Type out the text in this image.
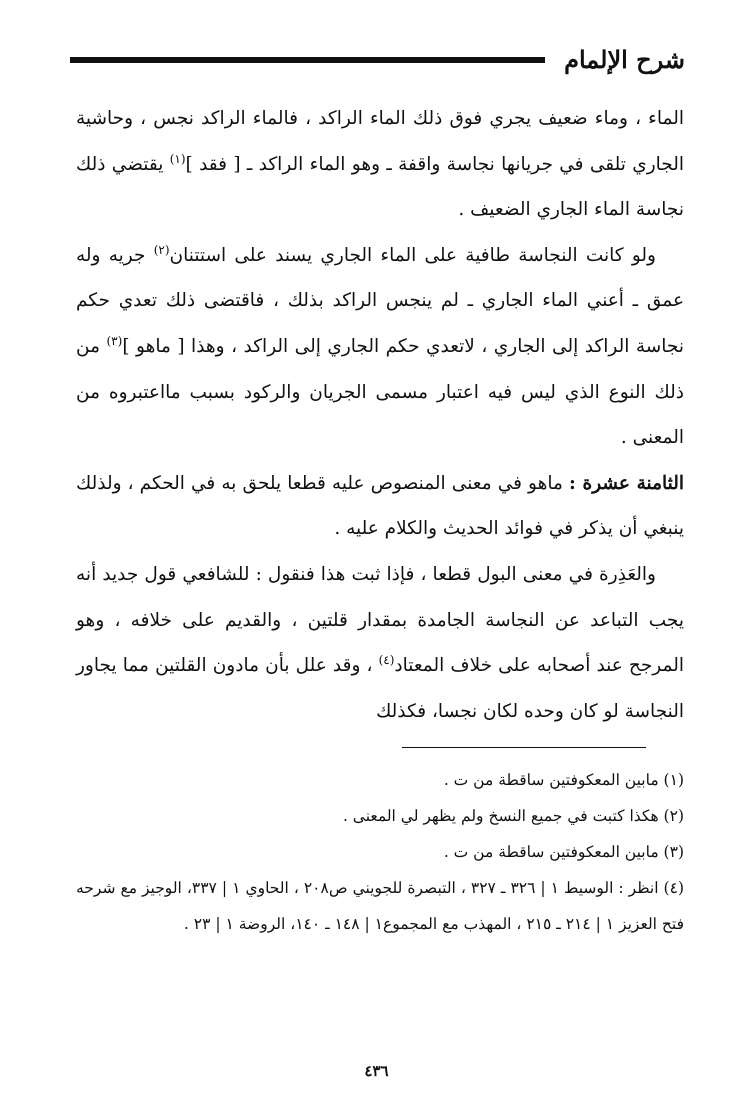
شرح الإلمام

الماء ، وماء ضعيف يجري فوق ذلك الماء الراكد ، فالماء الراكد نجس ، وحاشية الجاري تلقى في جريانها نجاسة واقفة ـ وهو الماء الراكد ـ [ فقد ]$^{(١)}$ يقتضي ذلك نجاسة الماء الجاري الضعيف .

ولو كانت النجاسة طافية على الماء الجاري يسند على استتنان$^{(٢)}$ جريه وله عمق ـ أعني الماء الجاري ـ لم ينجس الراكد بذلك ، فاقتضى ذلك تعدي حكم نجاسة الراكد إلى الجاري ، لاتعدي حكم الجاري إلى الراكد ، وهذا [ ماهو ]$^{(٣)}$ من ذلك النوع الذي ليس فيه اعتبار مسمى الجريان والركود بسبب مااعتبروه من المعنى .

الثامنة عشرة : ماهو في معنى المنصوص عليه قطعا يلحق به في الحكم ، ولذلك ينبغي أن يذكر في فوائد الحديث والكلام عليه .

والعَذِرة في معنى البول قطعا ، فإذا ثبت هذا فنقول : للشافعي قول جديد أنه يجب التباعد عن النجاسة الجامدة بمقدار قلتين ، والقديم على خلافه ، وهو المرجح عند أصحابه على خلاف المعتاد$^{(٤)}$ ، وقد علل بأن مادون القلتين مما يجاور النجاسة لو كان وحده لكان نجسا، فكذلك

(١) مابين المعكوفتين ساقطة من ت .

(٢) هكذا كتبت في جميع النسخ ولم يظهر لي المعنى .

(٣) مابين المعكوفتين ساقطة من ت .

(٤) انظر : الوسيط ١ | ٣٢٦ ـ ٣٢٧ ، التبصرة للجويني ص٢٠٨ ، الحاوي ١ | ٣٣٧، الوجيز مع شرحه فتح العزيز ١ | ٢١٤ ـ ٢١٥ ، المهذب مع المجموع١ | ١٤٨ ـ ١٤٠، الروضة ١ | ٢٣ .

٤٣٦
